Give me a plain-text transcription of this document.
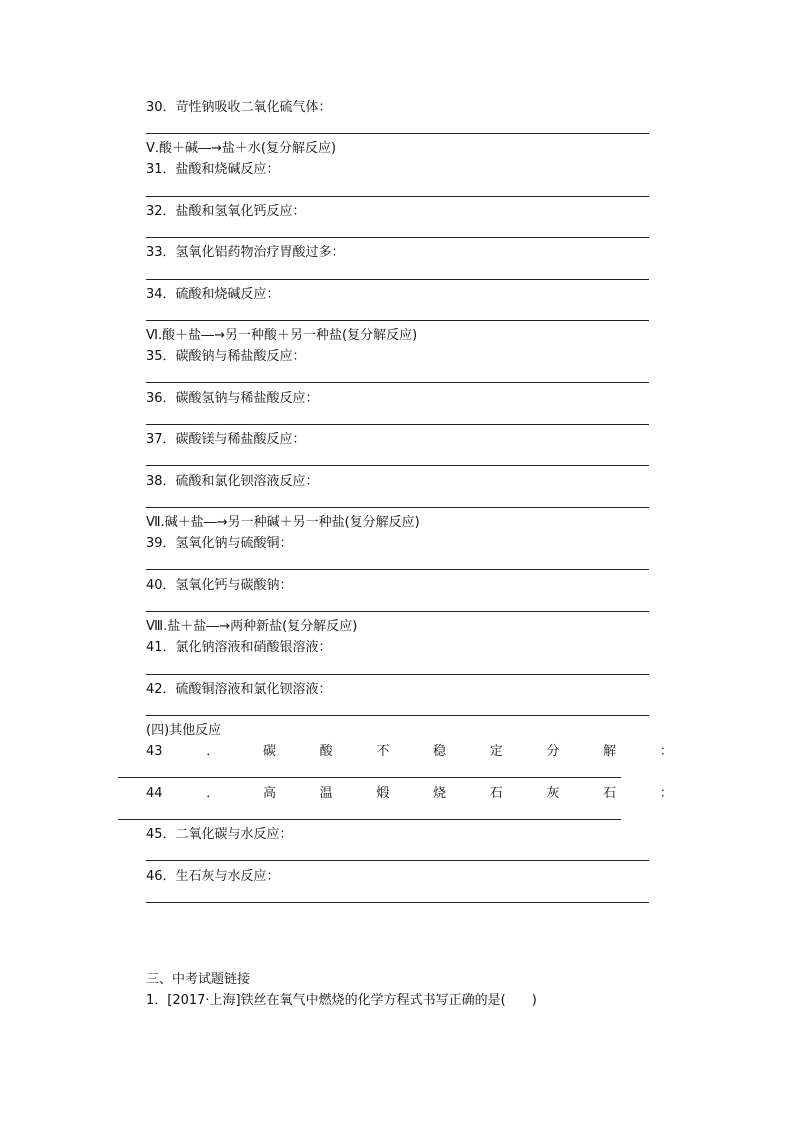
30．苛性钠吸收二氧化硫气体：
Ⅴ.酸＋碱―→盐＋水(复分解反应)
31．盐酸和烧碱反应：
32．盐酸和氢氧化钙反应：
33．氢氧化铝药物治疗胃酸过多：
34．硫酸和烧碱反应：
Ⅵ.酸＋盐―→另一种酸＋另一种盐(复分解反应)
35．碳酸钠与稀盐酸反应：
36．碳酸氢钠与稀盐酸反应：
37．碳酸镁与稀盐酸反应：
38．硫酸和氯化钡溶液反应：
Ⅶ.碱＋盐―→另一种碱＋另一种盐(复分解反应)
39．氢氧化钠与硫酸铜：
40．氢氧化钙与碳酸钠：
Ⅷ.盐＋盐―→两种新盐(复分解反应)
41．氯化钠溶液和硝酸银溶液：
42．硫酸铜溶液和氯化钡溶液：
(四)其他反应
43	．	碳	酸	不	稳	定	分	解	：
44	．	高	温	煅	烧	石	灰	石	：
45．二氧化碳与水反应：
46．生石灰与水反应：
三、中考试题链接
1．[2017·上海]铁丝在氧气中燃烧的化学方程式书写正确的是(　　)
